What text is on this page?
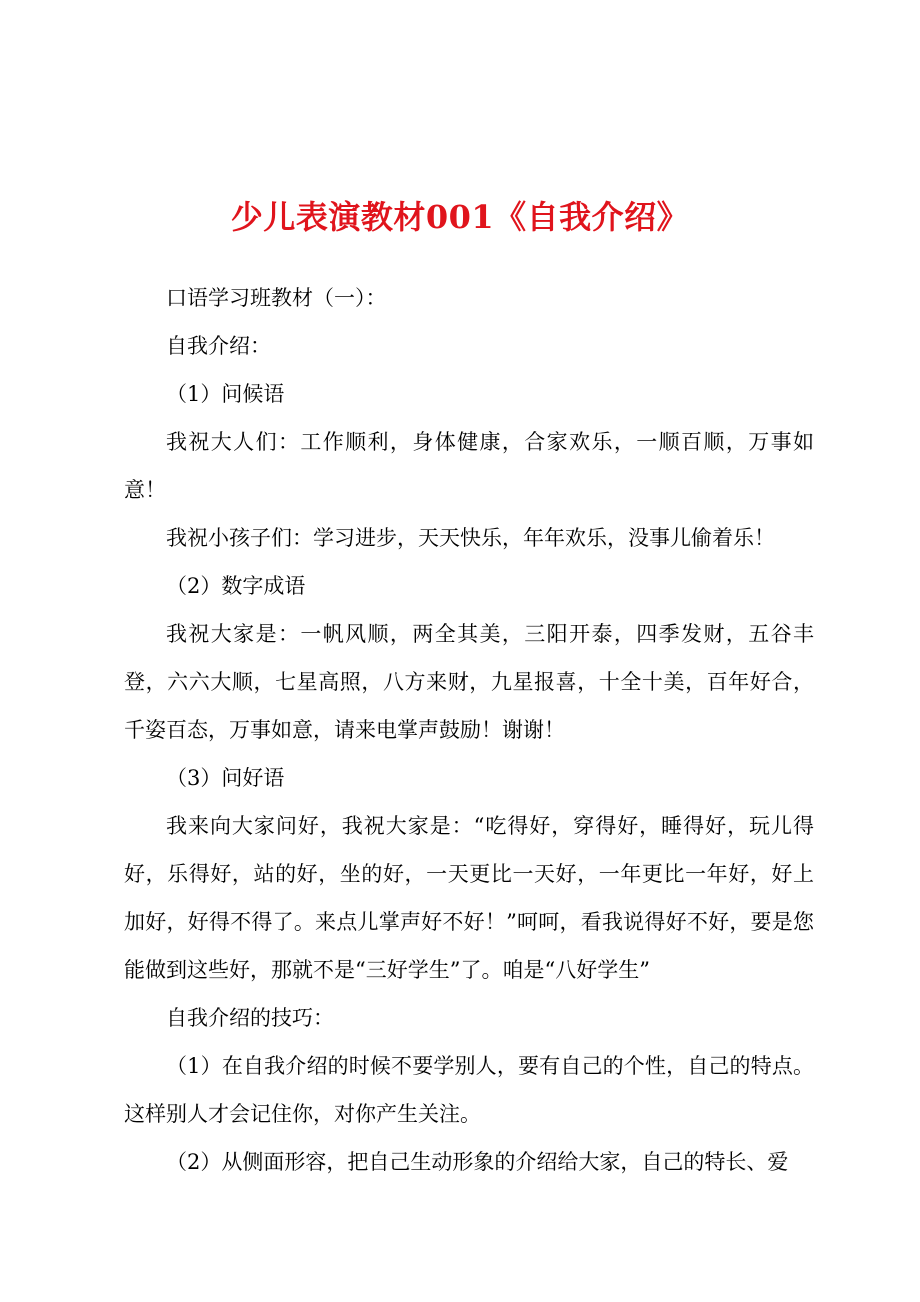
少儿表演教材001《自我介绍》

口语学习班教材（一）：

自我介绍：

（1）问候语

我祝大人们：工作顺利，身体健康，合家欢乐，一顺百顺，万事如意！

我祝小孩子们：学习进步，天天快乐，年年欢乐，没事儿偷着乐！

（2）数字成语

我祝大家是：一帆风顺，两全其美，三阳开泰，四季发财，五谷丰登，六六大顺，七星高照，八方来财，九星报喜，十全十美，百年好合，千姿百态，万事如意，请来电掌声鼓励！谢谢！

（3）问好语

我来向大家问好，我祝大家是：“吃得好，穿得好，睡得好，玩儿得好，乐得好，站的好，坐的好，一天更比一天好，一年更比一年好，好上加好，好得不得了。来点儿掌声好不好！”呵呵，看我说得好不好，要是您能做到这些好，那就不是“三好学生”了。咱是“八好学生”

自我介绍的技巧：

（1）在自我介绍的时候不要学别人，要有自己的个性，自己的特点。这样别人才会记住你，对你产生关注。

（2）从侧面形容，把自己生动形象的介绍给大家，自己的特长、爱
